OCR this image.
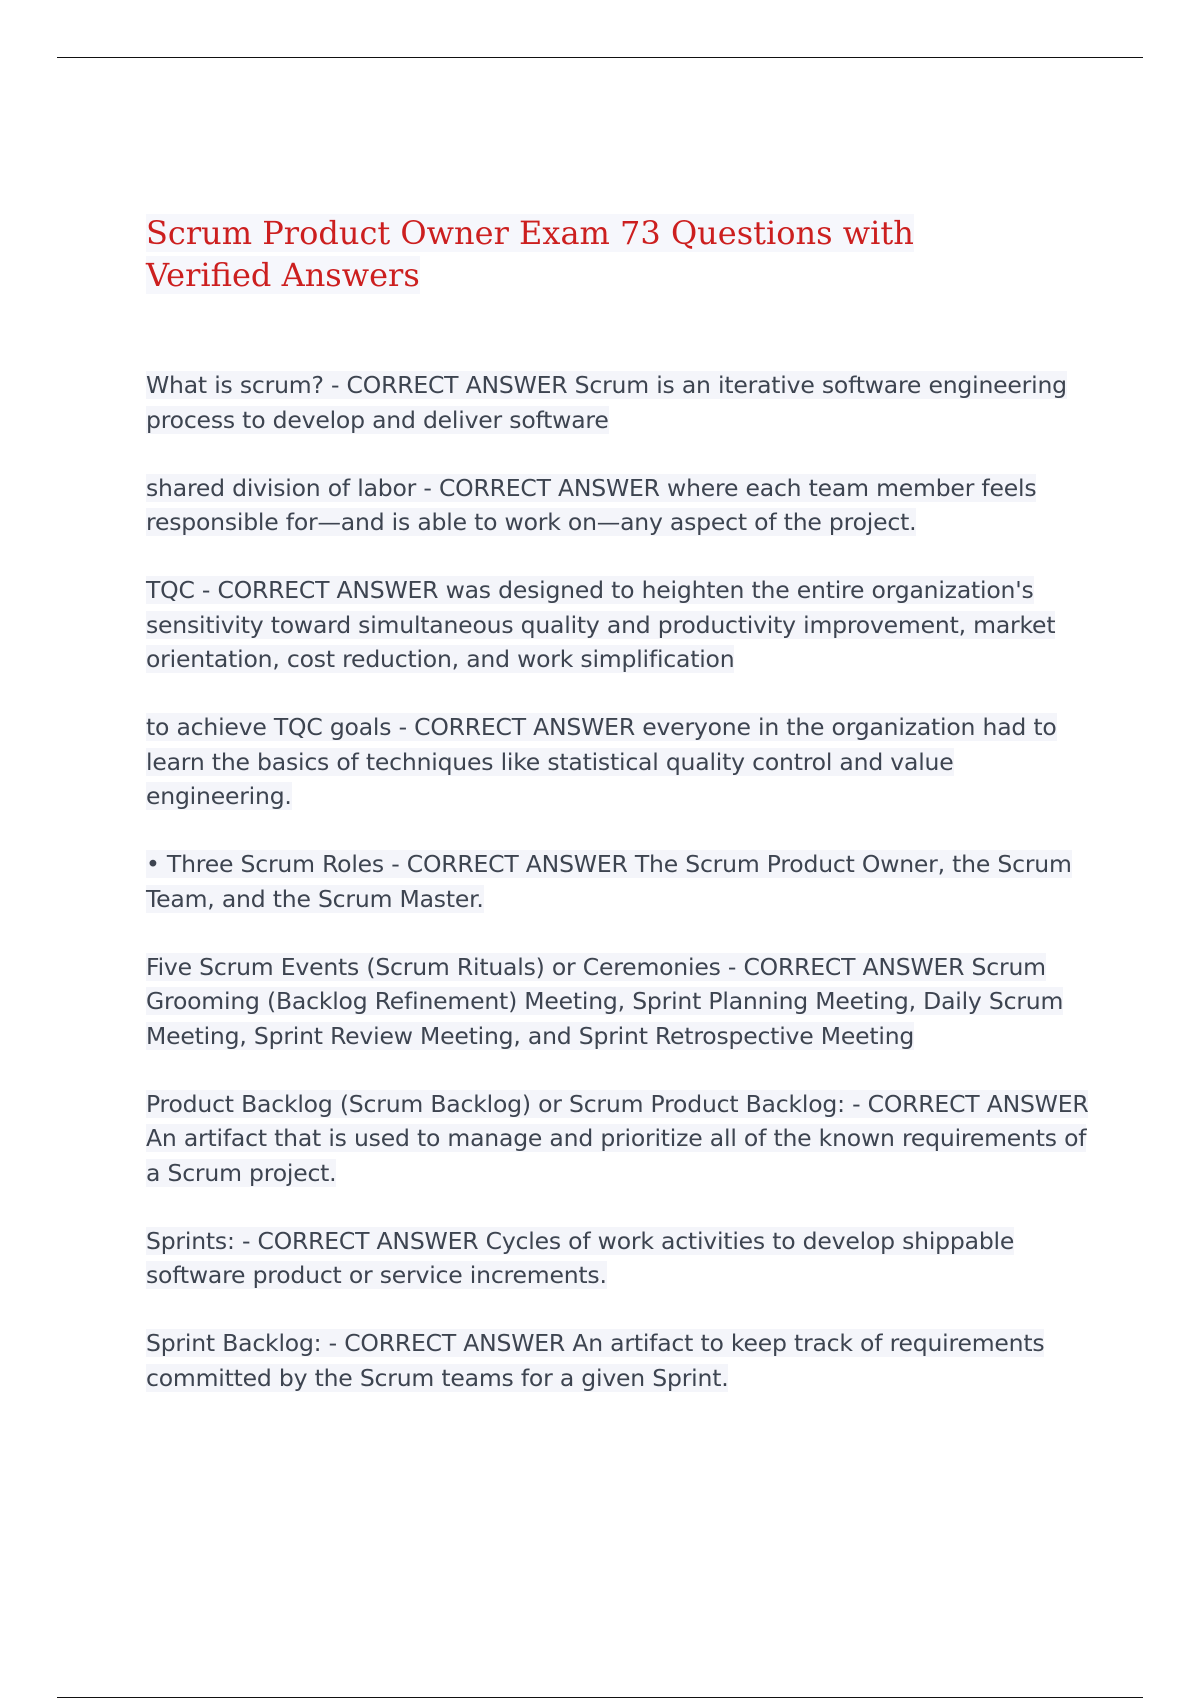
Scrum Product Owner Exam 73 Questions with Verified Answers
What is scrum? - CORRECT ANSWER Scrum is an iterative software engineering process to develop and deliver software
shared division of labor - CORRECT ANSWER where each team member feels responsible for—and is able to work on—any aspect of the project.
TQC - CORRECT ANSWER was designed to heighten the entire organization's sensitivity toward simultaneous quality and productivity improvement, market orientation, cost reduction, and work simplification
to achieve TQC goals - CORRECT ANSWER everyone in the organization had to learn the basics of techniques like statistical quality control and value engineering.
• Three Scrum Roles - CORRECT ANSWER The Scrum Product Owner, the Scrum Team, and the Scrum Master.
Five Scrum Events (Scrum Rituals) or Ceremonies - CORRECT ANSWER Scrum Grooming (Backlog Refinement) Meeting, Sprint Planning Meeting, Daily Scrum Meeting, Sprint Review Meeting, and Sprint Retrospective Meeting
Product Backlog (Scrum Backlog) or Scrum Product Backlog: - CORRECT ANSWER An artifact that is used to manage and prioritize all of the known requirements of a Scrum project.
Sprints: - CORRECT ANSWER Cycles of work activities to develop shippable software product or service increments.
Sprint Backlog: - CORRECT ANSWER An artifact to keep track of requirements committed by the Scrum teams for a given Sprint.
